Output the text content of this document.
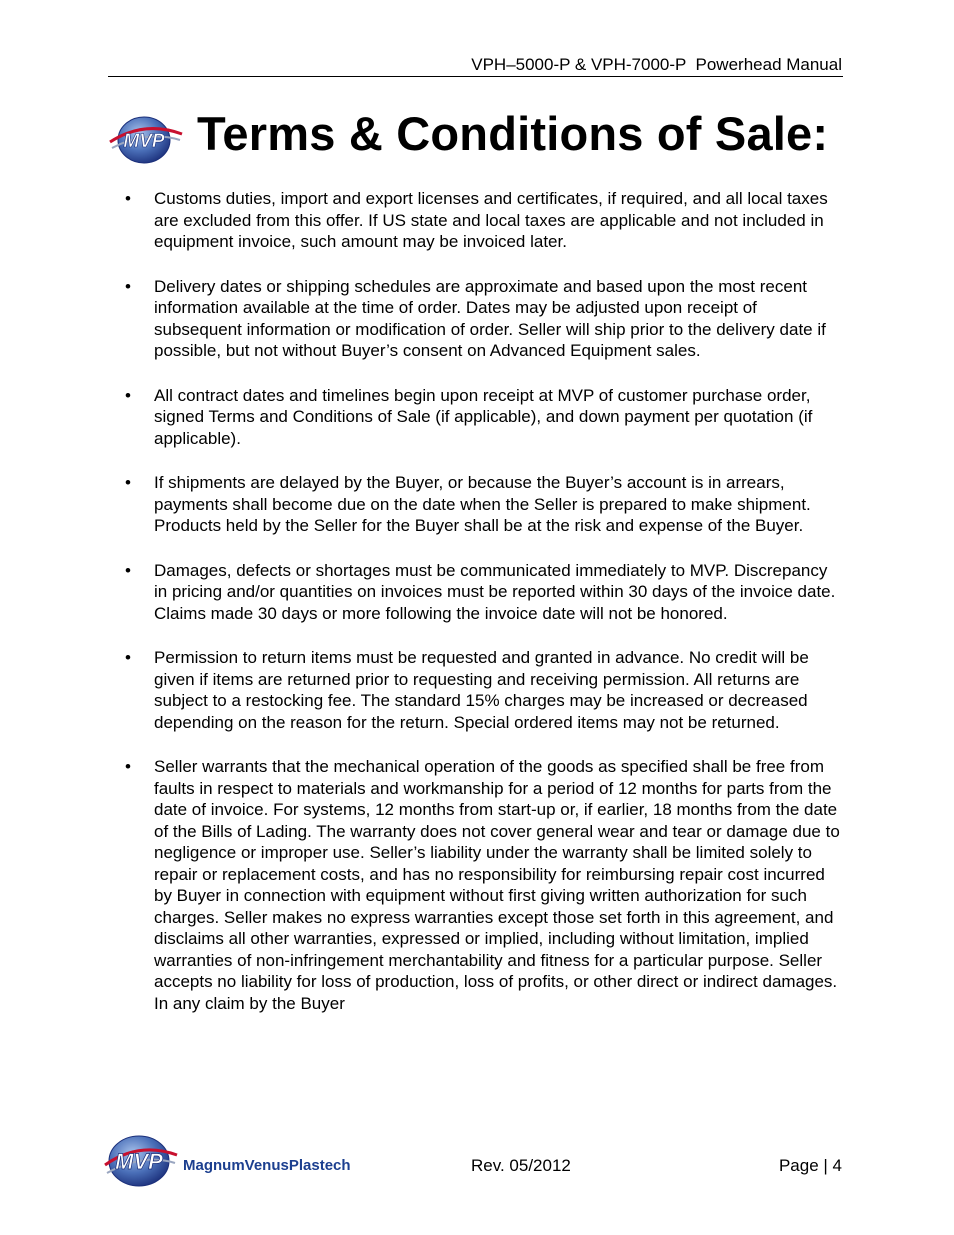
VPH–5000-P & VPH-7000-P  Powerhead Manual
MVP Terms & Conditions of Sale:
• Customs duties, import and export licenses and certificates, if required, and all local taxes are excluded from this offer. If US state and local taxes are applicable and not included in equipment invoice, such amount may be invoiced later.
• Delivery dates or shipping schedules are approximate and based upon the most recent information available at the time of order. Dates may be adjusted upon receipt of subsequent information or modification of order. Seller will ship prior to the delivery date if possible, but not without Buyer’s consent on Advanced Equipment sales.
• All contract dates and timelines begin upon receipt at MVP of customer purchase order, signed Terms and Conditions of Sale (if applicable), and down payment per quotation (if applicable).
• If shipments are delayed by the Buyer, or because the Buyer’s account is in arrears, payments shall become due on the date when the Seller is prepared to make shipment. Products held by the Seller for the Buyer shall be at the risk and expense of the Buyer.
• Damages, defects or shortages must be communicated immediately to MVP. Discrepancy in pricing and/or quantities on invoices must be reported within 30 days of the invoice date. Claims made 30 days or more following the invoice date will not be honored.
• Permission to return items must be requested and granted in advance. No credit will be given if items are returned prior to requesting and receiving permission. All returns are subject to a restocking fee. The standard 15% charges may be increased or decreased depending on the reason for the return. Special ordered items may not be returned.
• Seller warrants that the mechanical operation of the goods as specified shall be free from faults in respect to materials and workmanship for a period of 12 months for parts from the date of invoice. For systems, 12 months from start-up or, if earlier, 18 months from the date of the Bills of Lading. The warranty does not cover general wear and tear or damage due to negligence or improper use. Seller’s liability under the warranty shall be limited solely to repair or replacement costs, and has no responsibility for reimbursing repair cost incurred by Buyer in connection with equipment without first giving written authorization for such charges. Seller makes no express warranties except those set forth in this agreement, and disclaims all other warranties, expressed or implied, including without limitation, implied warranties of non-infringement merchantability and fitness for a particular purpose. Seller accepts no liability for loss of production, loss of profits, or other direct or indirect damages. In any claim by the Buyer
MVP MagnumVenusPlastech	Rev. 05/2012	Page | 4
